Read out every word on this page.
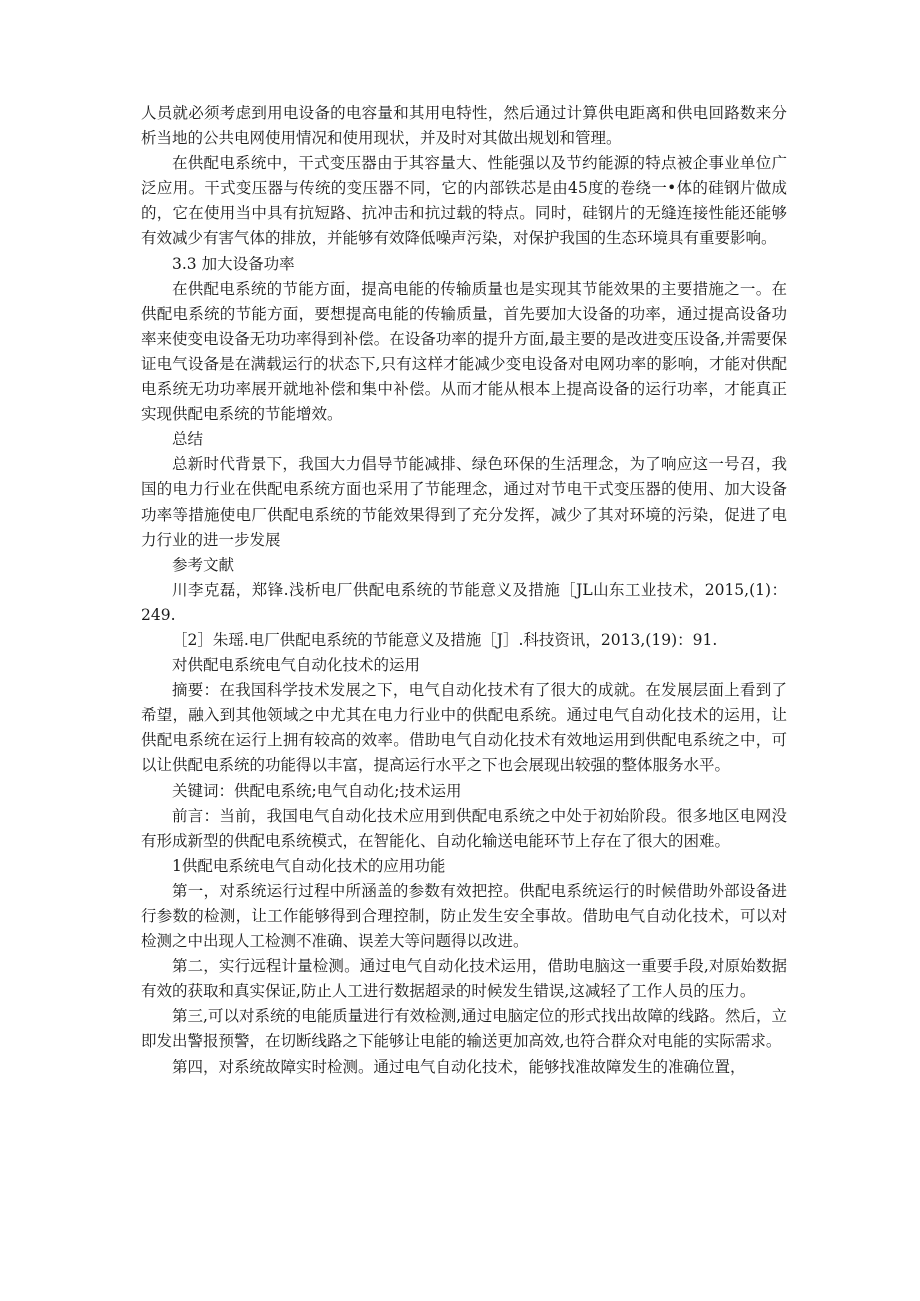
人员就必须考虑到用电设备的电容量和其用电特性，然后通过计算供电距离和供电回路数来分析当地的公共电网使用情况和使用现状，并及时对其做出规划和管理。

在供配电系统中，干式变压器由于其容量大、性能强以及节约能源的特点被企事业单位广泛应用。干式变压器与传统的变压器不同，它的内部铁芯是由45度的卷绕一•体的硅钢片做成的，它在使用当中具有抗短路、抗冲击和抗过载的特点。同时，硅钢片的无缝连接性能还能够有效减少有害气体的排放，并能够有效降低噪声污染，对保护我国的生态环境具有重要影响。

3.3 加大设备功率

在供配电系统的节能方面，提高电能的传输质量也是实现其节能效果的主要措施之一。在供配电系统的节能方面，要想提高电能的传输质量，首先要加大设备的功率，通过提高设备功率来使变电设备无功功率得到补偿。在设备功率的提升方面,最主要的是改进变压设备,并需要保证电气设备是在满载运行的状态下,只有这样才能减少变电设备对电网功率的影响，才能对供配电系统无功功率展开就地补偿和集中补偿。从而才能从根本上提高设备的运行功率，才能真正实现供配电系统的节能增效。

总结

总新时代背景下，我国大力倡导节能减排、绿色环保的生活理念，为了响应这一号召，我国的电力行业在供配电系统方面也采用了节能理念，通过对节电干式变压器的使用、加大设备功率等措施使电厂供配电系统的节能效果得到了充分发挥，减少了其对环境的污染，促进了电力行业的进一步发展

参考文献

川李克磊，郑锋.浅析电厂供配电系统的节能意义及措施［JL山东工业技术，2015,(1)：249.

［2］朱瑶.电厂供配电系统的节能意义及措施［J］.科技资讯，2013,(19)：91.

对供配电系统电气自动化技术的运用

摘要：在我国科学技术发展之下，电气自动化技术有了很大的成就。在发展层面上看到了希望，融入到其他领域之中尤其在电力行业中的供配电系统。通过电气自动化技术的运用，让供配电系统在运行上拥有较高的效率。借助电气自动化技术有效地运用到供配电系统之中，可以让供配电系统的功能得以丰富，提高运行水平之下也会展现出较强的整体服务水平。

关键词：供配电系统;电气自动化;技术运用

前言：当前，我国电气自动化技术应用到供配电系统之中处于初始阶段。很多地区电网没有形成新型的供配电系统模式，在智能化、自动化输送电能环节上存在了很大的困难。

1供配电系统电气自动化技术的应用功能

第一，对系统运行过程中所涵盖的参数有效把控。供配电系统运行的时候借助外部设备进行参数的检测，让工作能够得到合理控制，防止发生安全事故。借助电气自动化技术，可以对检测之中出现人工检测不准确、误差大等问题得以改进。

第二，实行远程计量检测。通过电气自动化技术运用，借助电脑这一重要手段,对原始数据有效的获取和真实保证,防止人工进行数据超录的时候发生错误,这减轻了工作人员的压力。

第三,可以对系统的电能质量进行有效检测,通过电脑定位的形式找出故障的线路。然后，立即发出警报预警，在切断线路之下能够让电能的输送更加高效,也符合群众对电能的实际需求。

第四，对系统故障实时检测。通过电气自动化技术，能够找准故障发生的准确位置，
